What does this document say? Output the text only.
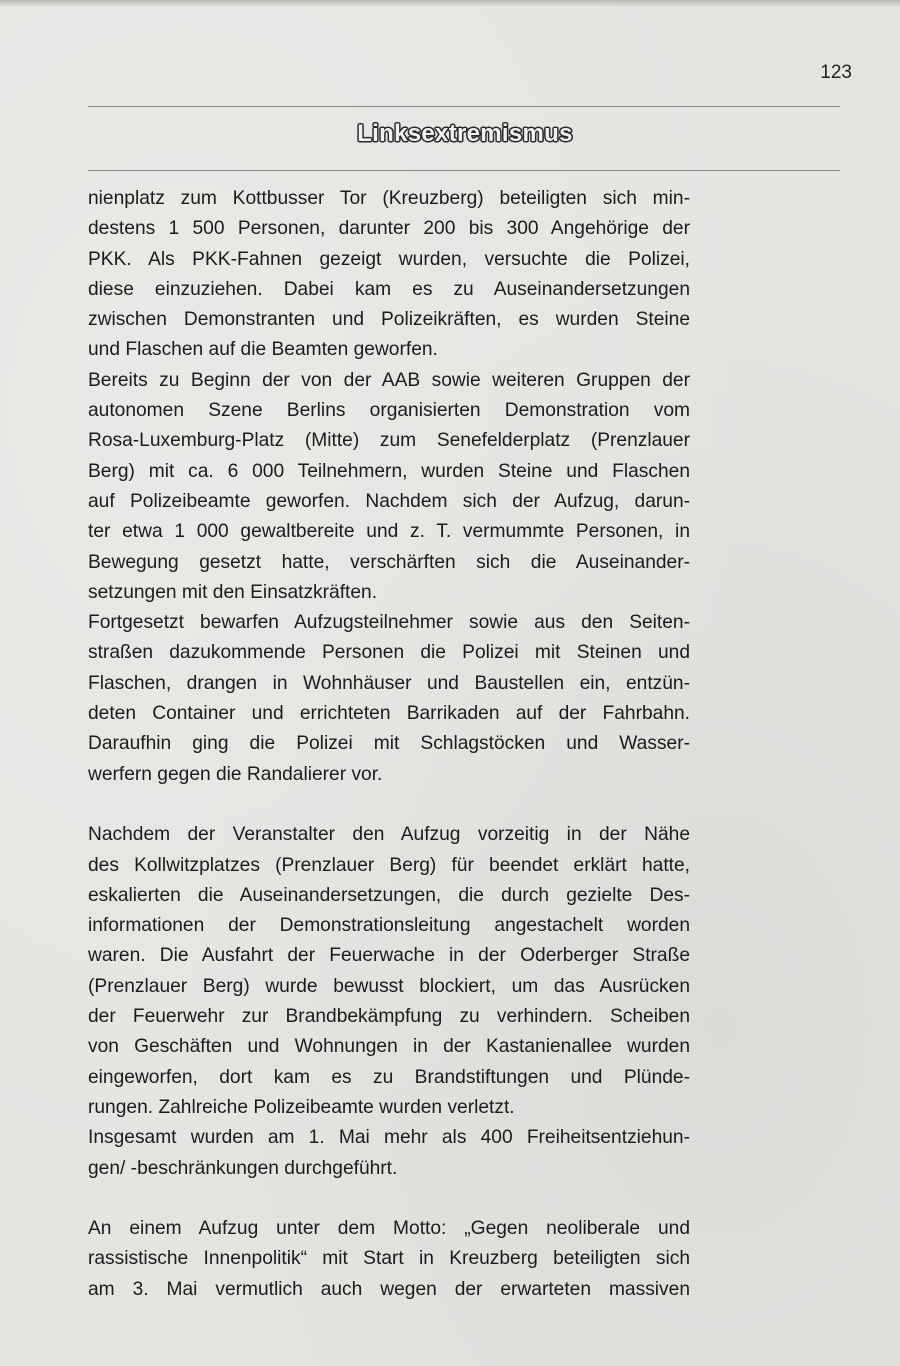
123
Linksextremismus

nienplatz zum Kottbusser Tor (Kreuzberg) beteiligten sich min-

destens 1 500 Personen, darunter 200 bis 300 Angehörige der

PKK. Als PKK-Fahnen gezeigt wurden, versuchte die Polizei,

diese einzuziehen. Dabei kam es zu Auseinandersetzungen

zwischen Demonstranten und Polizeikräften, es wurden Steine

und Flaschen auf die Beamten geworfen.

Bereits zu Beginn der von der AAB sowie weiteren Gruppen der

autonomen Szene Berlins organisierten Demonstration vom

Rosa-Luxemburg-Platz (Mitte) zum Senefelderplatz (Prenzlauer

Berg) mit ca. 6 000 Teilnehmern, wurden Steine und Flaschen

auf Polizeibeamte geworfen. Nachdem sich der Aufzug, darun-

ter etwa 1 000 gewaltbereite und z. T. vermummte Personen, in

Bewegung gesetzt hatte, verschärften sich die Auseinander-

setzungen mit den Einsatzkräften.

Fortgesetzt bewarfen Aufzugsteilnehmer sowie aus den Seiten-

straßen dazukommende Personen die Polizei mit Steinen und

Flaschen, drangen in Wohnhäuser und Baustellen ein, entzün-

deten Container und errichteten Barrikaden auf der Fahrbahn.

Daraufhin ging die Polizei mit Schlagstöcken und Wasser-

werfern gegen die Randalierer vor.

Nachdem der Veranstalter den Aufzug vorzeitig in der Nähe

des Kollwitzplatzes (Prenzlauer Berg) für beendet erklärt hatte,

eskalierten die Auseinandersetzungen, die durch gezielte Des-

informationen der Demonstrationsleitung angestachelt worden

waren. Die Ausfahrt der Feuerwache in der Oderberger Straße

(Prenzlauer Berg) wurde bewusst blockiert, um das Ausrücken

der Feuerwehr zur Brandbekämpfung zu verhindern. Scheiben

von Geschäften und Wohnungen in der Kastanienallee wurden

eingeworfen, dort kam es zu Brandstiftungen und Plünde-

rungen. Zahlreiche Polizeibeamte wurden verletzt.

Insgesamt wurden am 1. Mai mehr als 400 Freiheitsentziehun-

gen/ -beschränkungen durchgeführt.

An einem Aufzug unter dem Motto: „Gegen neoliberale und

rassistische Innenpolitik“ mit Start in Kreuzberg beteiligten sich

am 3. Mai vermutlich auch wegen der erwarteten massiven
